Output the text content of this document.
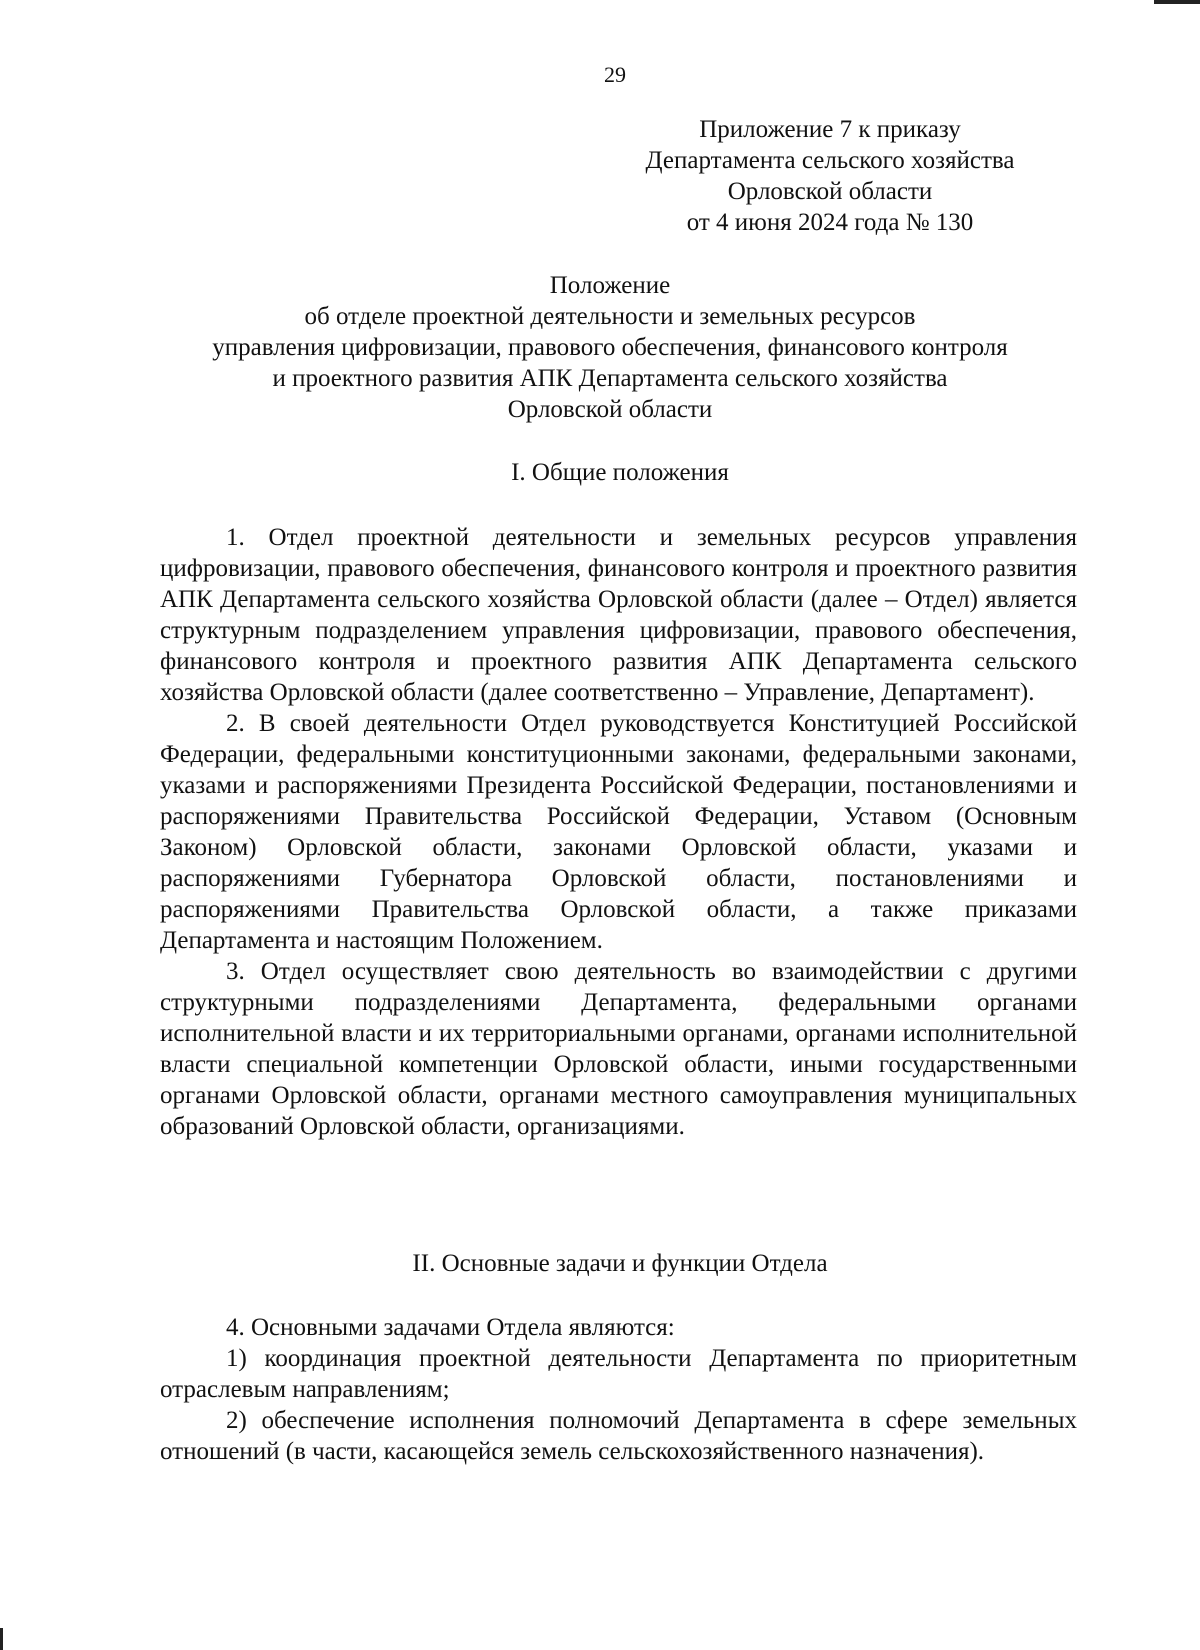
29
Приложение 7 к приказу
Департамента сельского хозяйства
Орловской области
от 4 июня 2024 года № 130
Положение
об отделе проектной деятельности и земельных ресурсов
управления цифровизации, правового обеспечения, финансового контроля
и проектного развития АПК Департамента сельского хозяйства
Орловской области
I. Общие положения

1. Отдел проектной деятельности и земельных ресурсов управления цифровизации, правового обеспечения, финансового контроля и проектного развития АПК Департамента сельского хозяйства Орловской области (далее – Отдел) является структурным подразделением управления цифровизации, правового обеспечения, финансового контроля и проектного развития АПК Департамента сельского хозяйства Орловской области (далее соответственно – Управление, Департамент).

2. В своей деятельности Отдел руководствуется Конституцией Российской Федерации, федеральными конституционными законами, федеральными законами, указами и распоряжениями Президента Российской Федерации, постановлениями и распоряжениями Правительства Российской Федерации, Уставом (Основным Законом) Орловской области, законами Орловской области, указами и распоряжениями Губернатора Орловской области, постановлениями и распоряжениями Правительства Орловской области, а также приказами Департамента и настоящим Положением.

3. Отдел осуществляет свою деятельность во взаимодействии с другими структурными подразделениями Департамента, федеральными органами исполнительной власти и их территориальными органами, органами исполнительной власти специальной компетенции Орловской области, иными государственными органами Орловской области, органами местного самоуправления муниципальных образований Орловской области, организациями.

II. Основные задачи и функции Отдела

4. Основными задачами Отдела являются:

1) координация проектной деятельности Департамента по приоритетным отраслевым направлениям;

2) обеспечение исполнения полномочий Департамента в сфере земельных отношений (в части, касающейся земель сельскохозяйственного назначения).
